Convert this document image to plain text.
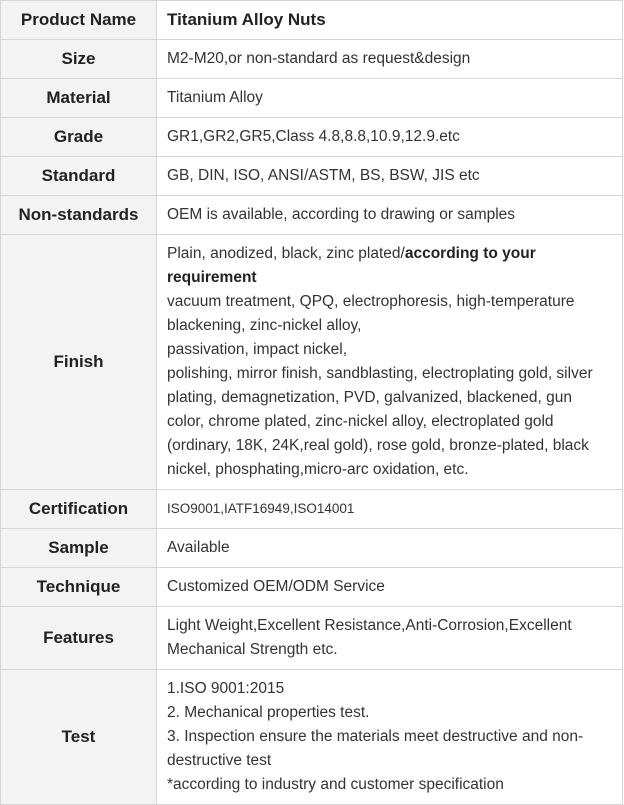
Product Name	Titanium Alloy Nuts
Size	M2-M20,or non-standard as request&design
Material	Titanium Alloy
Grade	GR1,GR2,GR5,Class 4.8,8.8,10.9,12.9.etc
Standard	GB, DIN, ISO, ANSI/ASTM, BS, BSW, JIS etc
Non-standards	OEM is available, according to drawing or samples
Finish	Plain, anodized, black, zinc plated/according to your requirement
vacuum treatment, QPQ, electrophoresis, high-temperature blackening, zinc-nickel alloy,
passivation, impact nickel,
polishing, mirror finish, sandblasting, electroplating gold, silver plating, demagnetization, PVD, galvanized, blackened, gun color, chrome plated, zinc-nickel alloy, electroplated gold (ordinary, 18K, 24K,real gold), rose gold, bronze-plated, black nickel, phosphating,micro-arc oxidation, etc.

Certification	ISO9001,IATF16949,ISO14001
Sample	Available
Technique	Customized OEM/ODM Service
Features	Light Weight,Excellent Resistance,Anti-Corrosion,Excellent Mechanical Strength etc.
Test	1.ISO 9001:2015
2. Mechanical properties test.
3. Inspection ensure the materials meet destructive and non-destructive test
*according to industry and customer specification
